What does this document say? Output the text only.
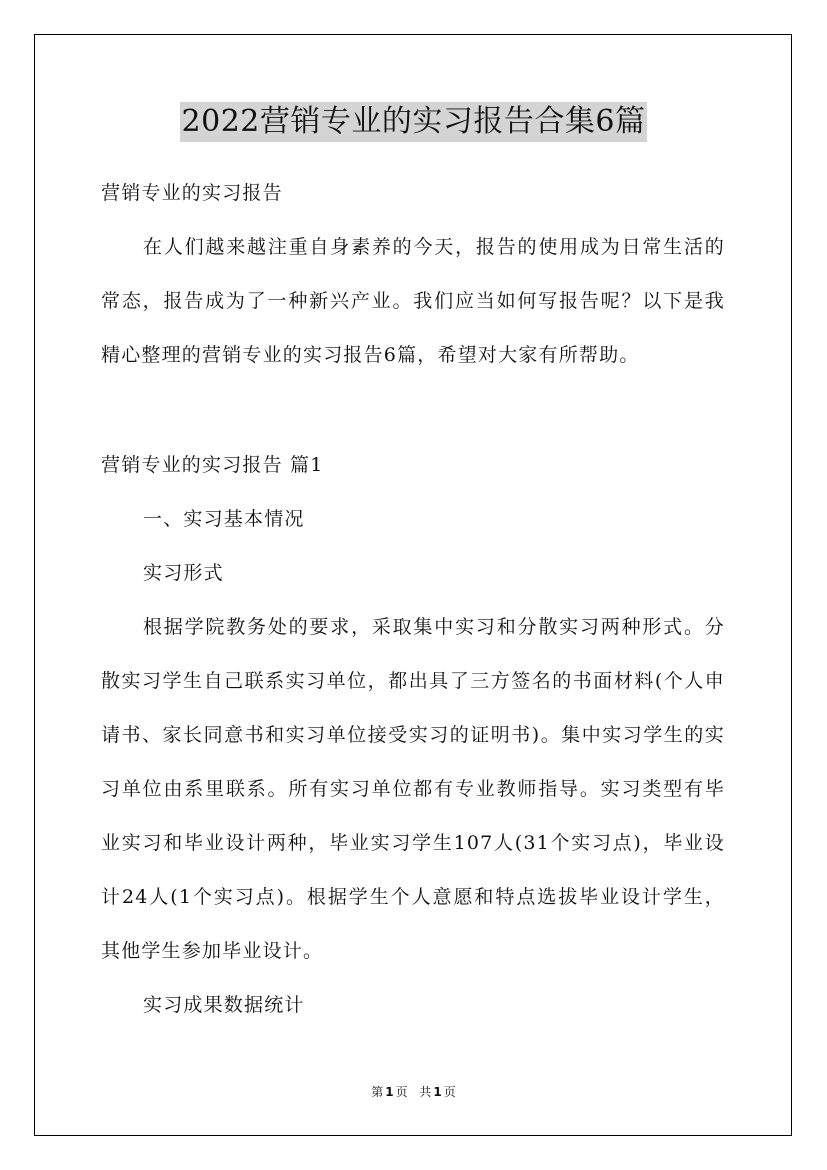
2022营销专业的实习报告合集6篇
营销专业的实习报告
在人们越来越注重自身素养的今天，报告的使用成为日常生活的
常态，报告成为了一种新兴产业。我们应当如何写报告呢？以下是我
精心整理的营销专业的实习报告6篇，希望对大家有所帮助。
营销专业的实习报告 篇1
一、实习基本情况
实习形式
根据学院教务处的要求，采取集中实习和分散实习两种形式。分
散实习学生自己联系实习单位，都出具了三方签名的书面材料(个人申
请书、家长同意书和实习单位接受实习的证明书)。集中实习学生的实
习单位由系里联系。所有实习单位都有专业教师指导。实习类型有毕
业实习和毕业设计两种，毕业实习学生107人(31个实习点)，毕业设
计24人(1个实习点)。根据学生个人意愿和特点选拔毕业设计学生，
其他学生参加毕业设计。
实习成果数据统计
第 1 页 共 1 页
